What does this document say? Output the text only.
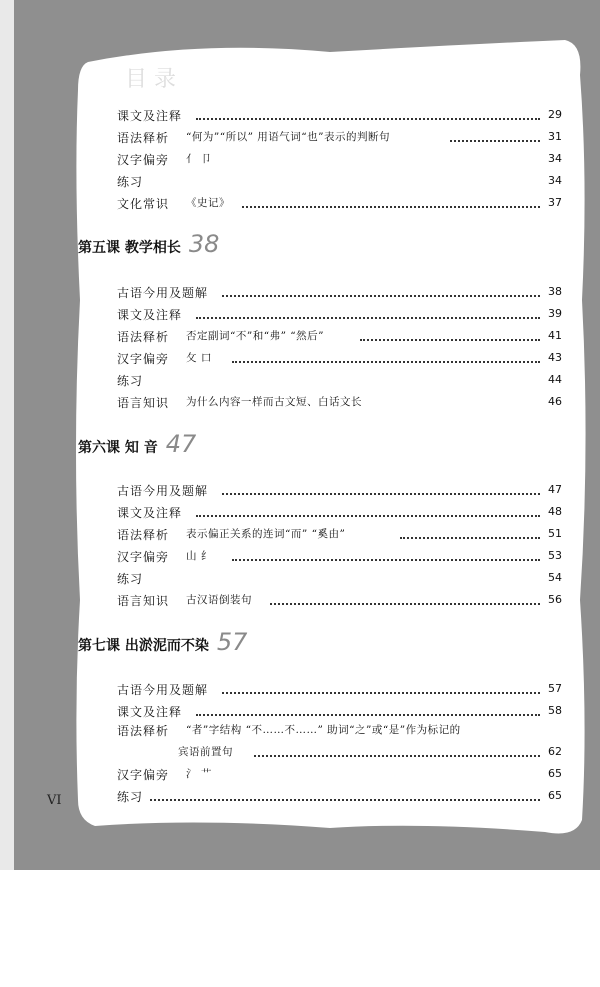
目 录
课文及注释	29
语法释析 “何为”“所以” 用语气词“也”表示的判断句	31
汉字偏旁 亻 卩	34
练习	34
文化常识 《史记》	37
第五课 教学相长 38
古语今用及题解	38
课文及注释	39
语法释析 否定副词“不”和“弗” “然后”	41
汉字偏旁 攵 口	43
练习	44
语言知识 为什么内容一样而古文短、白话文长	46
第六课 知 音 47
古语今用及题解	47
课文及注释	48
语法释析 表示偏正关系的连词“而” “奚由”	51
汉字偏旁 山 纟	53
练习	54
语言知识 古汉语倒装句	56
第七课 出淤泥而不染 57
古语今用及题解	57
课文及注释	58
语法释析 “者”字结构 “不……不……” 助词“之”或“是”作为标记的
宾语前置句	62
汉字偏旁 氵 艹	65
练习	65
VI
